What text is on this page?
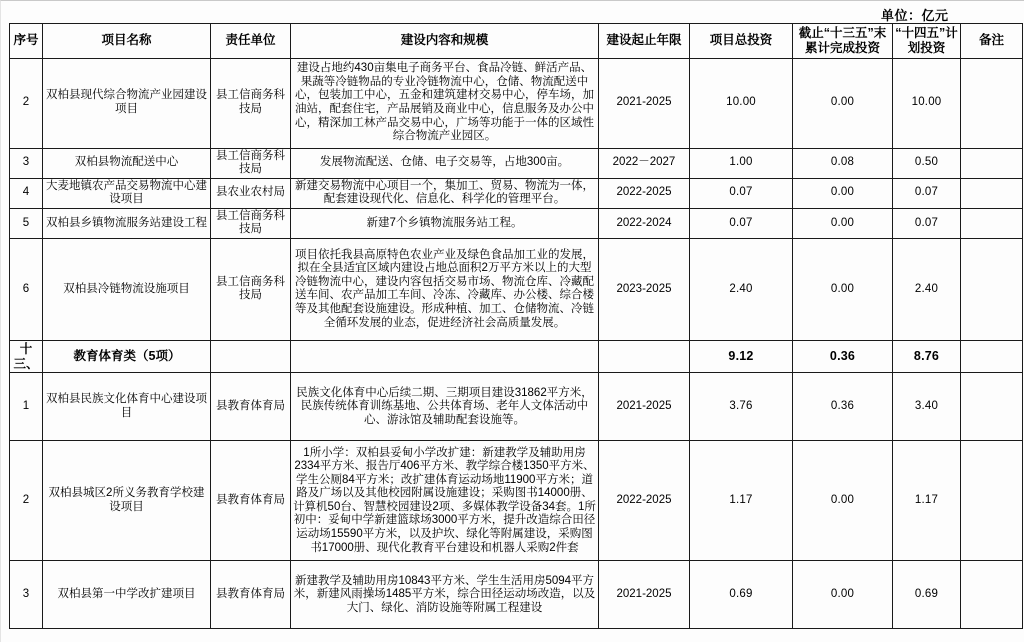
单位：亿元
序号	项目名称	责任单位	建设内容和规模	建设起止年限	项目总投资	截止“十三五”末累计完成投资	“十四五”计划投资	备注
2	双柏县现代综合物流产业园建设项目	县工信商务科技局	建设占地约430亩集电子商务平台、食品冷链、鲜活产品、果蔬等冷链物品的专业冷链物流中心，仓储、物流配送中心，包装加工中心，五金和建筑建材交易中心，停车场，加油站，配套住宅，产品展销及商业中心，信息服务及办公中心，精深加工林产品交易中心，广场等功能于一体的区域性综合物流产业园区。	2021-2025	10.00	0.00	10.00	
3	双柏县物流配送中心	县工信商务科技局	发展物流配送、仓储、电子交易等，占地300亩。	2022－2027	1.00	0.08	0.50	
4	大麦地镇农产品交易物流中心建设项目	县农业农村局	新建交易物流中心项目一个，集加工、贸易、物流为一体，配套建设现代化、信息化、科学化的管理平台。	2022-2025	0.07	0.00	0.07	
5	双柏县乡镇物流服务站建设工程	县工信商务科技局	新建7个乡镇物流服务站工程。	2022-2024	0.07	0.00	0.07	
6	双柏县冷链物流设施项目	县工信商务科技局	项目依托我县高原特色农业产业及绿色食品加工业的发展，拟在全县适宜区域内建设占地总面积2万平方米以上的大型冷链物流中心，建设内容包括交易市场、物流仓库、冷藏配送车间、农产品加工车间、冷冻、冷藏库、办公楼、综合楼等及其他配套设施建设。形成种植、加工、仓储物流、冷链全循环发展的业态，促进经济社会高质量发展。	2023-2025	2.40	0.00	2.40	
十三、	教育体育类（5项）				9.12	0.36	8.76	
1	双柏县民族文化体育中心建设项目	县教育体育局	民族文化体育中心后续二期、三期项目建设31862平方米，民族传统体育训练基地、公共体育场、老年人文体活动中心、游泳馆及辅助配套设施等。	2021-2025	3.76	0.36	3.40	
2	双柏县城区2所义务教育学校建设项目	县教育体育局	1所小学：双柏县妥甸小学改扩建：新建教学及辅助用房2334平方米、报告厅406平方米、教学综合楼1350平方米、学生公厕84平方米；改扩建体育运动场地11900平方米；道路及广场以及其他校园附属设施建设；采购图书14000册、计算机50台、智慧校园建设2项、多媒体教学设备34套。1所初中：妥甸中学新建篮球场3000平方米，提升改造综合田径运动场15590平方米，以及护坎、绿化等附属建设，采购图书17000册、现代化教育平台建设和机器人采购2件套	2022-2025	1.17	0.00	1.17	
3	双柏县第一中学改扩建项目	县教育体育局	新建教学及辅助用房10843平方米、学生生活用房5094平方米，新建风雨操场1485平方米，综合田径运动场改造，以及大门、绿化、消防设施等附属工程建设	2021-2025	0.69	0.00	0.69	
